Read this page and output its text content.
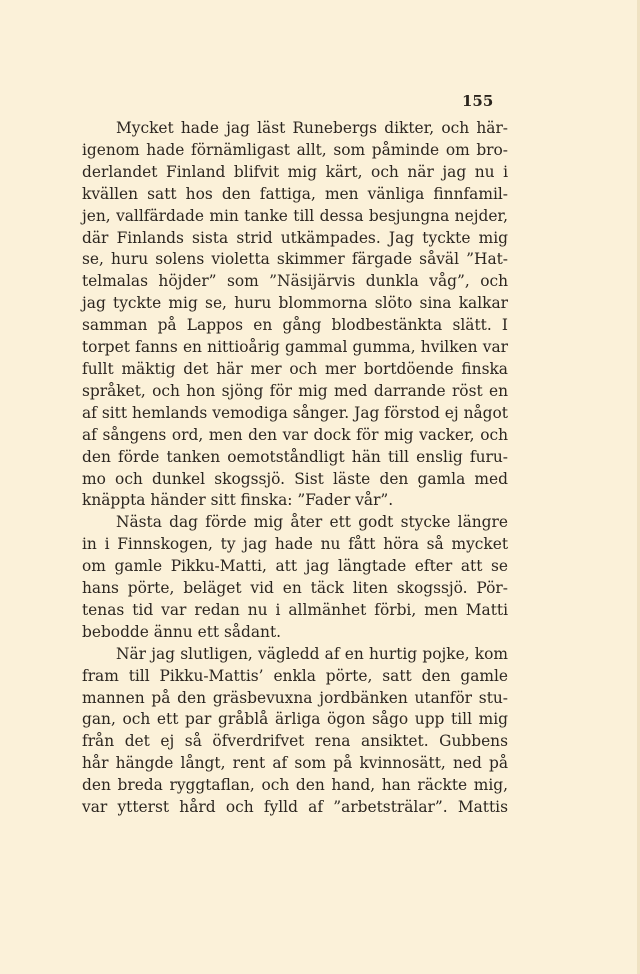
155

Mycket hade jag läst Runebergs dikter, och här-
igenom hade förnämligast allt, som påminde om bro-
derlandet Finland blifvit mig kärt, och när jag nu i
kvällen satt hos den fattiga, men vänliga finnfamil-
jen, vallfärdade min tanke till dessa besjungna nejder,
där Finlands sista strid utkämpades. Jag tyckte mig
se, huru solens violetta skimmer färgade såväl ”Hat-
telmalas höjder” som ”Näsijärvis dunkla våg”, och
jag tyckte mig se, huru blommorna slöto sina kalkar
samman på Lappos en gång blodbestänkta slätt. I
torpet fanns en nittioårig gammal gumma, hvilken var
fullt mäktig det här mer och mer bortdöende finska
språket, och hon sjöng för mig med darrande röst en
af sitt hemlands vemodiga sånger. Jag förstod ej något
af sångens ord, men den var dock för mig vacker, och
den förde tanken oemotståndligt hän till enslig furu-
mo och dunkel skogssjö. Sist läste den gamla med
knäppta händer sitt finska: ”Fader vår”.
Nästa dag förde mig åter ett godt stycke längre
in i Finnskogen, ty jag hade nu fått höra så mycket
om gamle Pikku-Matti, att jag längtade efter att se
hans pörte, beläget vid en täck liten skogssjö. Pör-
tenas tid var redan nu i allmänhet förbi, men Matti
bebodde ännu ett sådant.
När jag slutligen, vägledd af en hurtig pojke, kom
fram till Pikku-Mattis’ enkla pörte, satt den gamle
mannen på den gräsbevuxna jordbänken utanför stu-
gan, och ett par gråblå ärliga ögon sågo upp till mig
från det ej så öfverdrifvet rena ansiktet. Gubbens
hår hängde långt, rent af som på kvinnosätt, ned på
den breda ryggtaflan, och den hand, han räckte mig,
var ytterst hård och fylld af ”arbetsträlar”. Mattis
